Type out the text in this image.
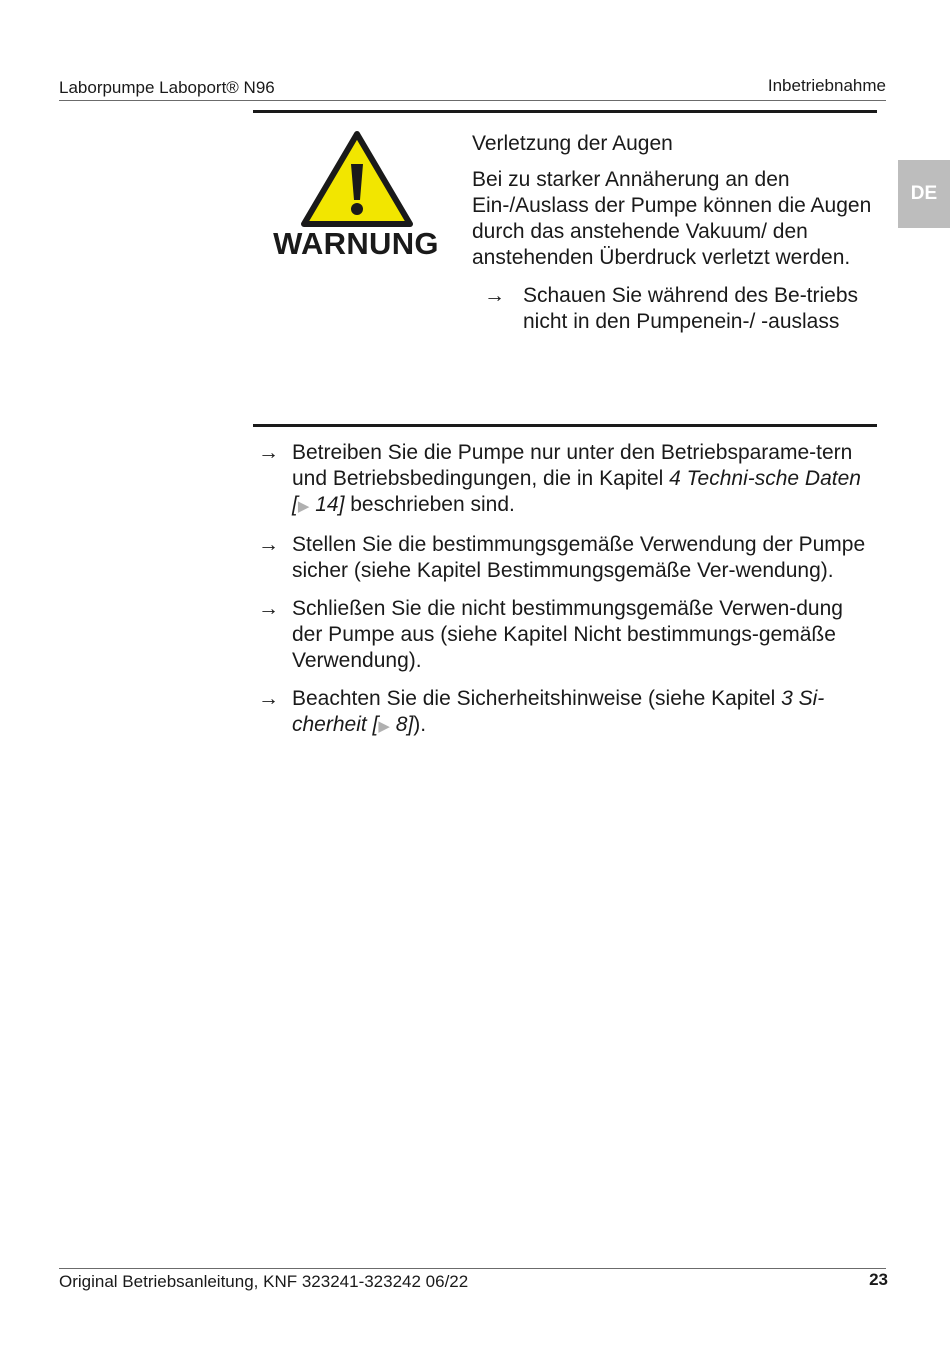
Laborpumpe Laboport® N96	Inbetriebnahme
DE
WARNUNG

Verletzung der Augen

Bei zu starker Annäherung an den Ein-/Auslass der Pumpe können die Augen durch das anstehende Vakuum/ den anstehenden Überdruck verletzt werden.

→ Schauen Sie während des Be-triebs nicht in den Pumpenein-/ -auslass

→ Betreiben Sie die Pumpe nur unter den Betriebsparame-tern und Betriebsbedingungen, die in Kapitel 4 Techni-sche Daten [▶ 14] beschrieben sind.

→ Stellen Sie die bestimmungsgemäße Verwendung der Pumpe sicher (siehe Kapitel Bestimmungsgemäße Ver-wendung).

→ Schließen Sie die nicht bestimmungsgemäße Verwen-dung der Pumpe aus (siehe Kapitel Nicht bestimmungs-gemäße Verwendung).

→ Beachten Sie die Sicherheitshinweise (siehe Kapitel 3 Si-cherheit [▶ 8]).

Original Betriebsanleitung, KNF 323241-323242 06/22	23
